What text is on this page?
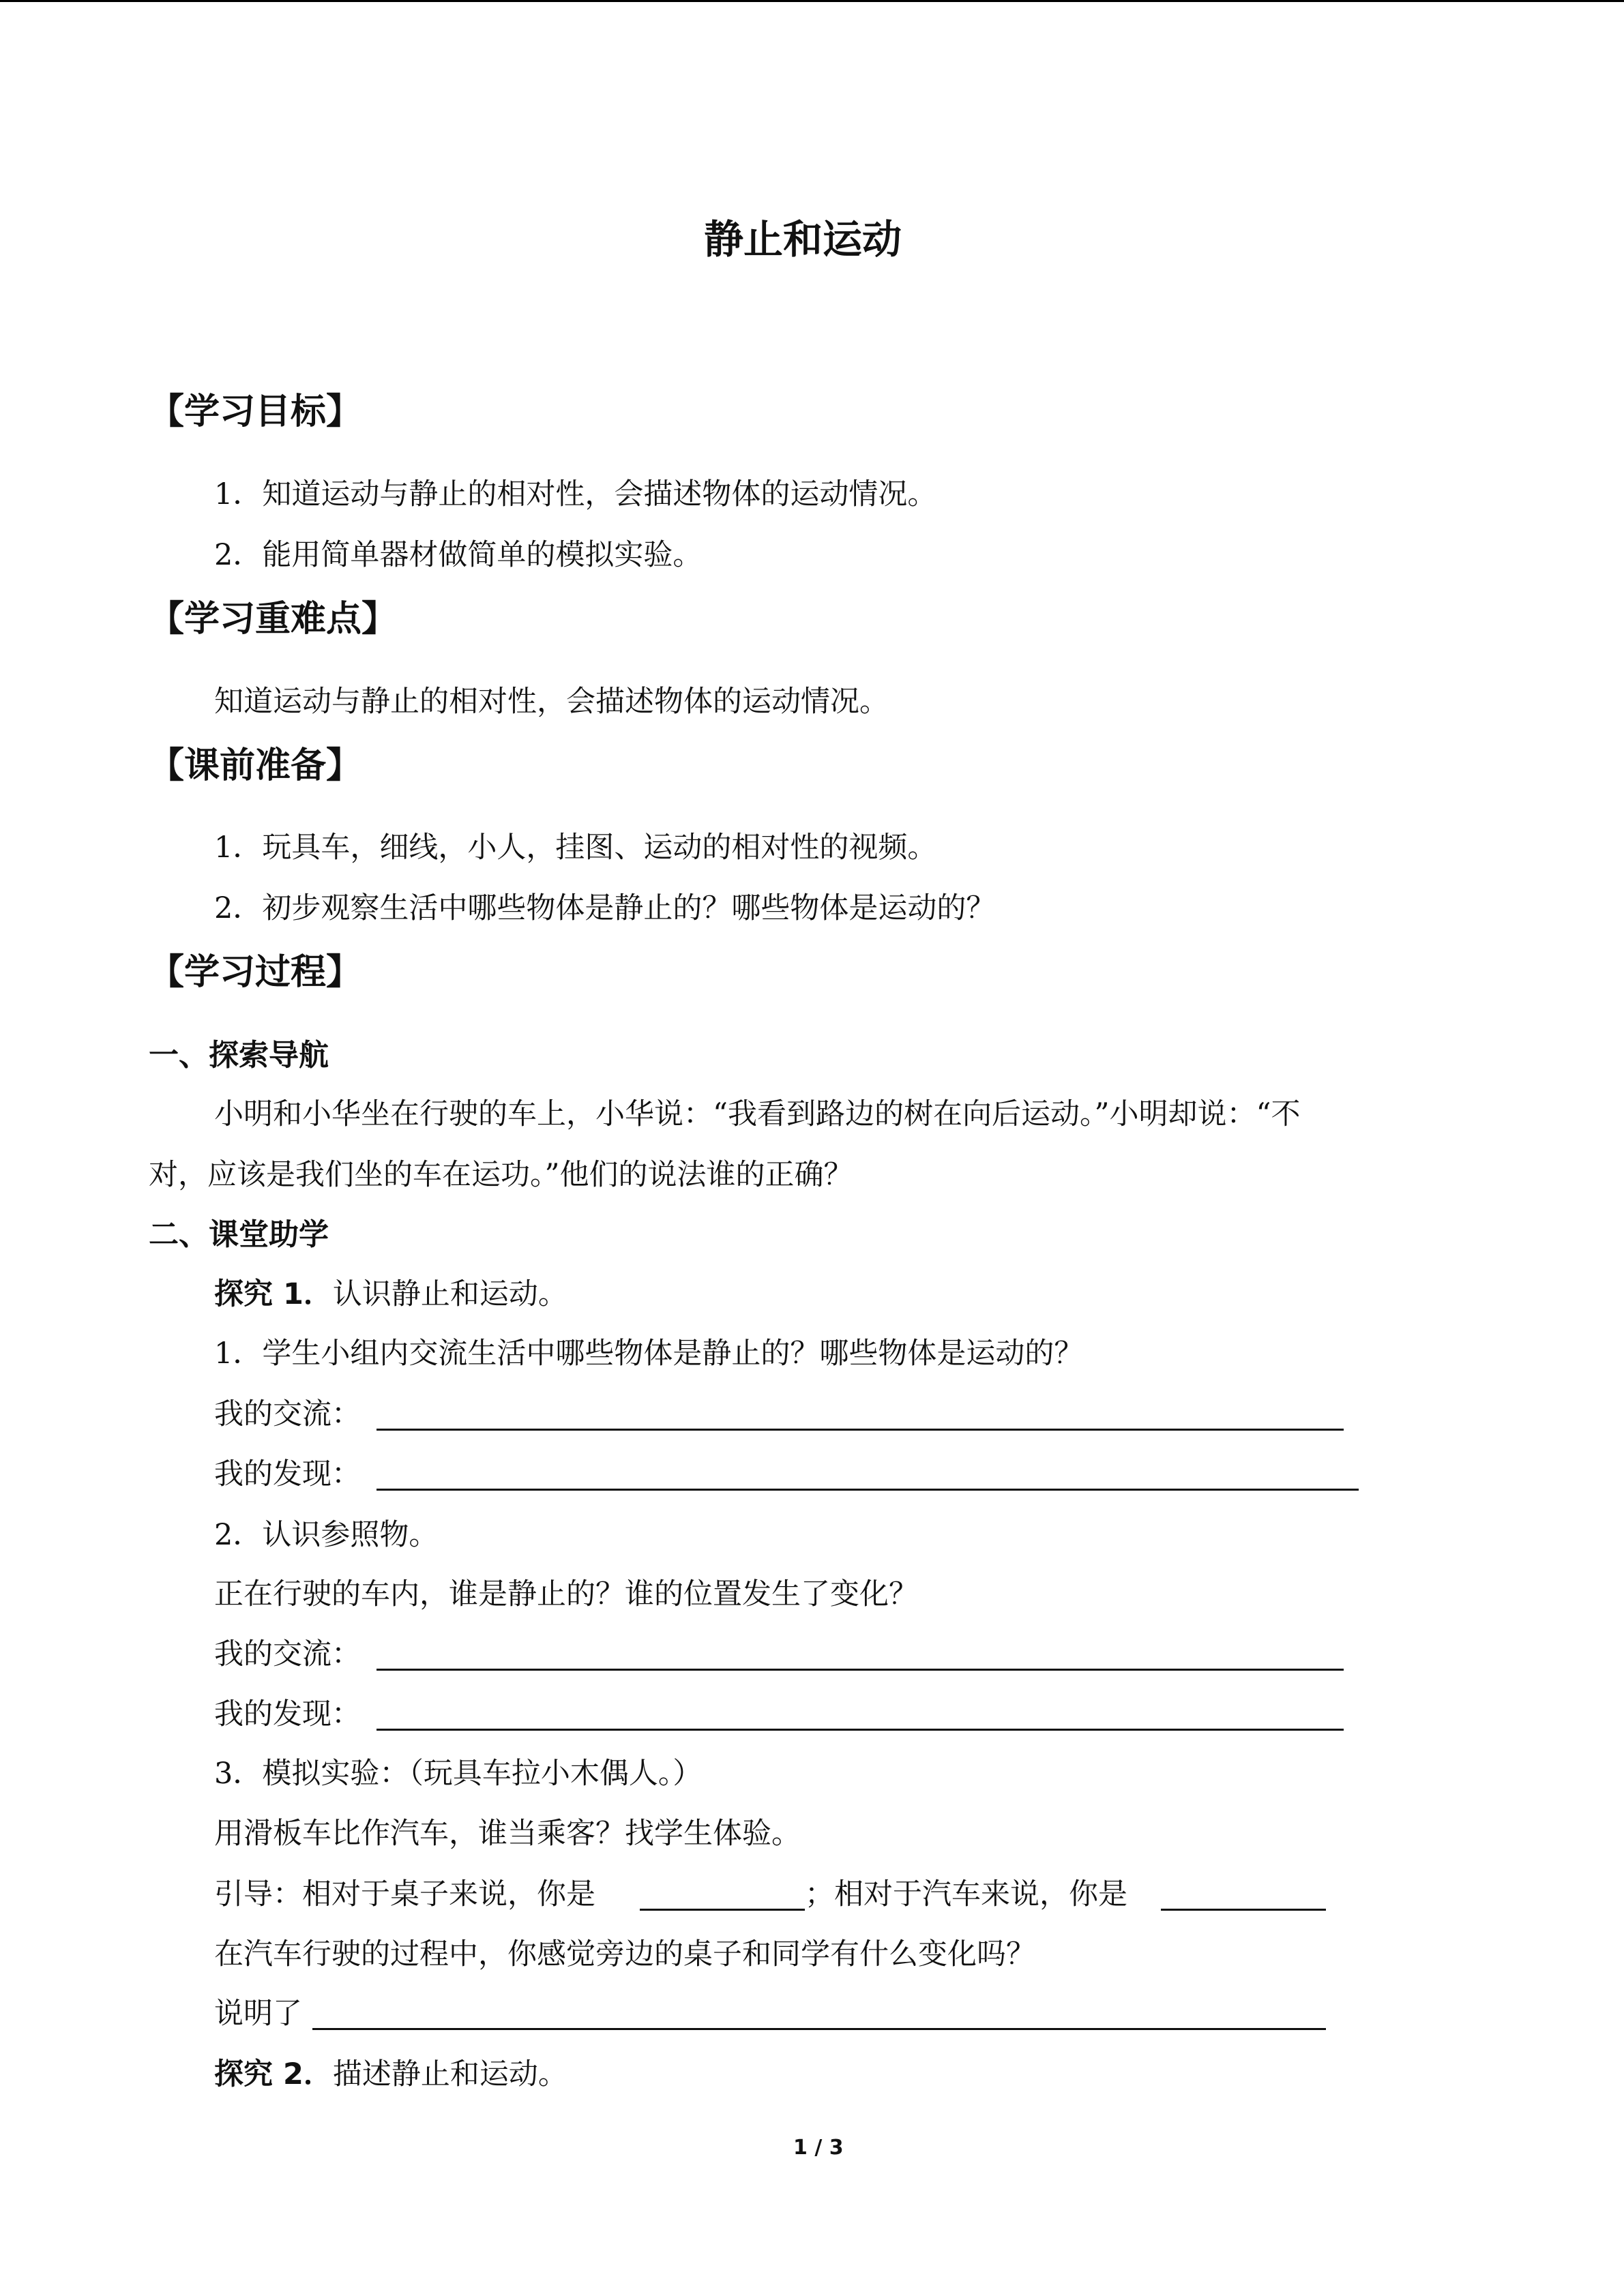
静止和运动
【学习目标】
1．知道运动与静止的相对性，会描述物体的运动情况。
2．能用简单器材做简单的模拟实验。
【学习重难点】
知道运动与静止的相对性，会描述物体的运动情况。
【课前准备】
1．玩具车，细线，小人，挂图、运动的相对性的视频。
2．初步观察生活中哪些物体是静止的？哪些物体是运动的？
【学习过程】
一、探索导航
小明和小华坐在行驶的车上，小华说：“我看到路边的树在向后运动。”小明却说：“不
对，应该是我们坐的车在运功。”他们的说法谁的正确？
二、课堂助学
探究 1．认识静止和运动。
1．学生小组内交流生活中哪些物体是静止的？哪些物体是运动的？
我的交流：
我的发现：
2．认识参照物。
正在行驶的车内，谁是静止的？谁的位置发生了变化？
我的交流：
我的发现：
3．模拟实验：（玩具车拉小木偶人。）
用滑板车比作汽车，谁当乘客？找学生体验。
引导：相对于桌子来说，你是	；相对于汽车来说，你是
在汽车行驶的过程中，你感觉旁边的桌子和同学有什么变化吗？
说明了
探究 2．描述静止和运动。
1 / 3
